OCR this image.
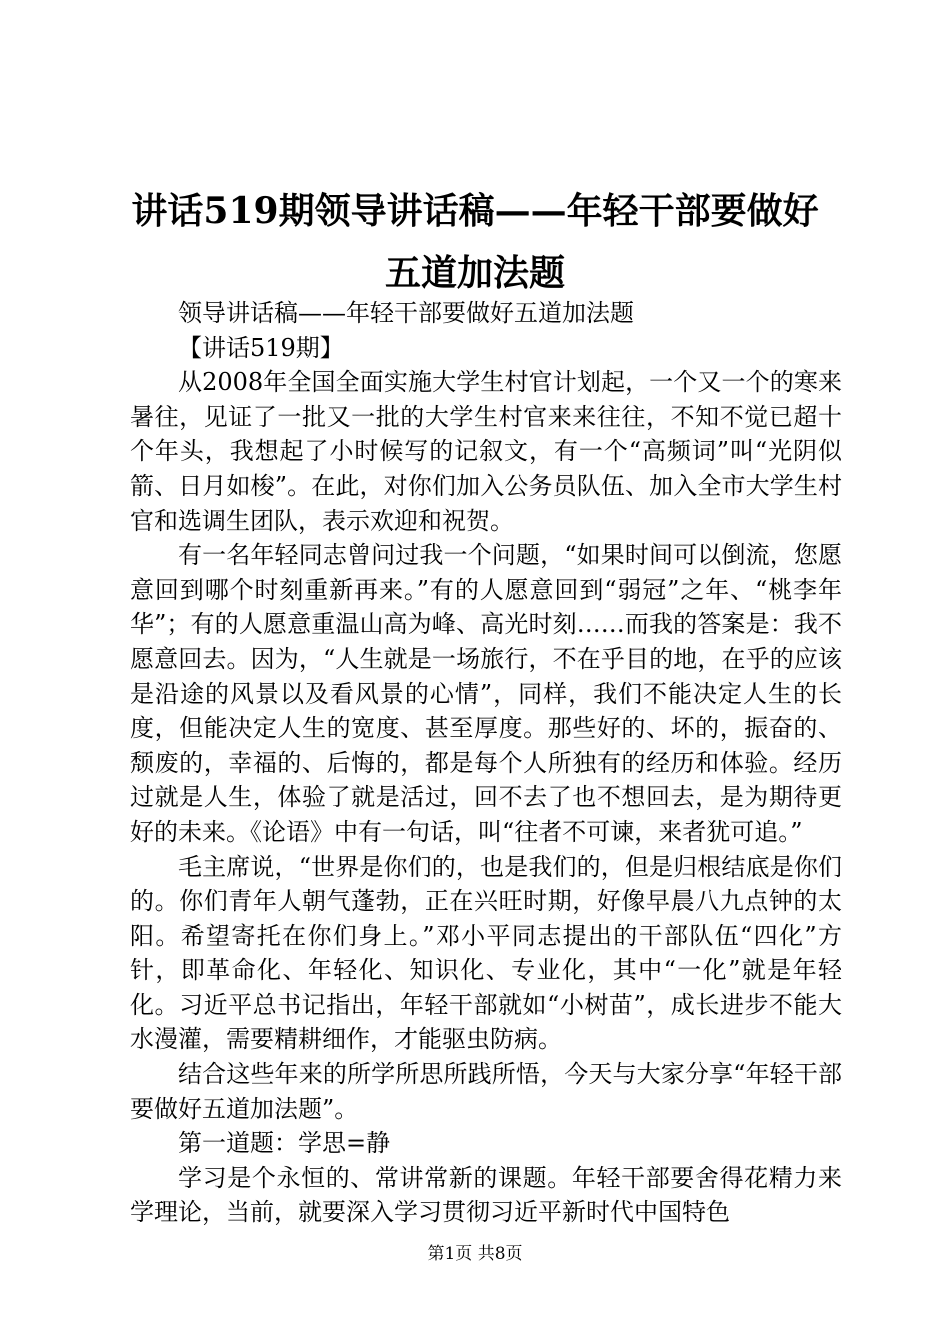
讲话519期领导讲话稿——年轻干部要做好五道加法题

领导讲话稿——年轻干部要做好五道加法题

【讲话519期】

从2008年全国全面实施大学生村官计划起，一个又一个的寒来暑往，见证了一批又一批的大学生村官来来往往，不知不觉已超十个年头，我想起了小时候写的记叙文，有一个“高频词”叫“光阴似箭、日月如梭”。在此，对你们加入公务员队伍、加入全市大学生村官和选调生团队，表示欢迎和祝贺。

有一名年轻同志曾问过我一个问题，“如果时间可以倒流，您愿意回到哪个时刻重新再来。”有的人愿意回到“弱冠”之年、“桃李年华”；有的人愿意重温山高为峰、高光时刻……而我的答案是：我不愿意回去。因为，“人生就是一场旅行，不在乎目的地，在乎的应该是沿途的风景以及看风景的心情”，同样，我们不能决定人生的长度，但能决定人生的宽度、甚至厚度。那些好的、坏的，振奋的、颓废的，幸福的、后悔的，都是每个人所独有的经历和体验。经历过就是人生，体验了就是活过，回不去了也不想回去，是为期待更好的未来。《论语》中有一句话，叫“往者不可谏，来者犹可追。”

毛主席说，“世界是你们的，也是我们的，但是归根结底是你们的。你们青年人朝气蓬勃，正在兴旺时期，好像早晨八九点钟的太阳。希望寄托在你们身上。”邓小平同志提出的干部队伍“四化”方针，即革命化、年轻化、知识化、专业化，其中“一化”就是年轻化。习近平总书记指出，年轻干部就如“小树苗”，成长进步不能大水漫灌，需要精耕细作，才能驱虫防病。

结合这些年来的所学所思所践所悟，今天与大家分享“年轻干部要做好五道加法题”。

第一道题：学思=静

学习是个永恒的、常讲常新的课题。年轻干部要舍得花精力来学理论，当前，就要深入学习贯彻习近平新时代中国特色

第1页 共8页
